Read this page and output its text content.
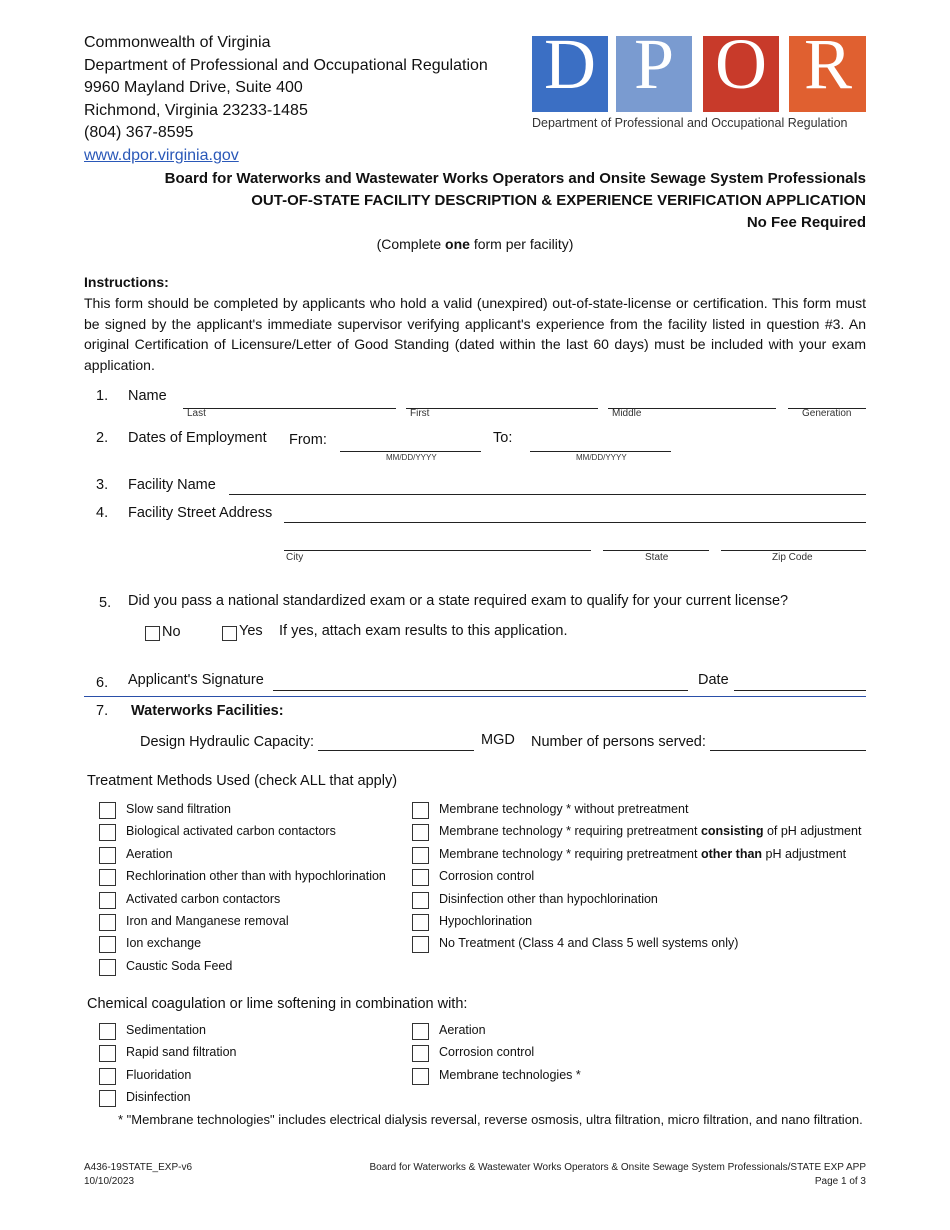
Commonwealth of Virginia
Department of Professional and Occupational Regulation
9960 Mayland Drive, Suite 400
Richmond, Virginia 23233-1485
(804) 367-8595
www.dpor.virginia.gov
D P O R
Department of Professional and Occupational Regulation
Board for Waterworks and Wastewater Works Operators and Onsite Sewage System Professionals
OUT-OF-STATE FACILITY DESCRIPTION & EXPERIENCE VERIFICATION APPLICATION
No Fee Required
(Complete one form per facility)
Instructions:
This form should be completed by applicants who hold a valid (unexpired) out-of-state-license or certification. This form must be signed by the applicant's immediate supervisor verifying applicant's experience from the facility listed in question #3. An original Certification of Licensure/Letter of Good Standing (dated within the last 60 days) must be included with your exam application.
1. Name
Last	First	Middle	Generation
2. Dates of Employment From:
MM/DD/YYYY
To:
MM/DD/YYYY
3. Facility Name
4. Facility Street Address
City	State	Zip Code
5. Did you pass a national standardized exam or a state required exam to qualify for your current license?
No	Yes If yes, attach exam results to this application.
6. Applicant's Signature	Date
7. Waterworks Facilities:
Design Hydraulic Capacity:	MGD Number of persons served:
Treatment Methods Used (check ALL that apply)
Slow sand filtration
Biological activated carbon contactors
Aeration
Rechlorination other than with hypochlorination
Activated carbon contactors
Iron and Manganese removal
Ion exchange
Caustic Soda Feed
Membrane technology * without pretreatment
Membrane technology * requiring pretreatment consisting of pH adjustment
Membrane technology * requiring pretreatment other than pH adjustment
Corrosion control
Disinfection other than hypochlorination
Hypochlorination
No Treatment (Class 4 and Class 5 well systems only)
Chemical coagulation or lime softening in combination with:
Sedimentation
Rapid sand filtration
Fluoridation
Disinfection
Aeration
Corrosion control
Membrane technologies *
* "Membrane technologies" includes electrical dialysis reversal, reverse osmosis, ultra filtration, micro filtration, and nano filtration.
A436-19STATE_EXP-v6
10/10/2023
Board for Waterworks & Wastewater Works Operators & Onsite Sewage System Professionals/STATE EXP APP
Page 1 of 3
